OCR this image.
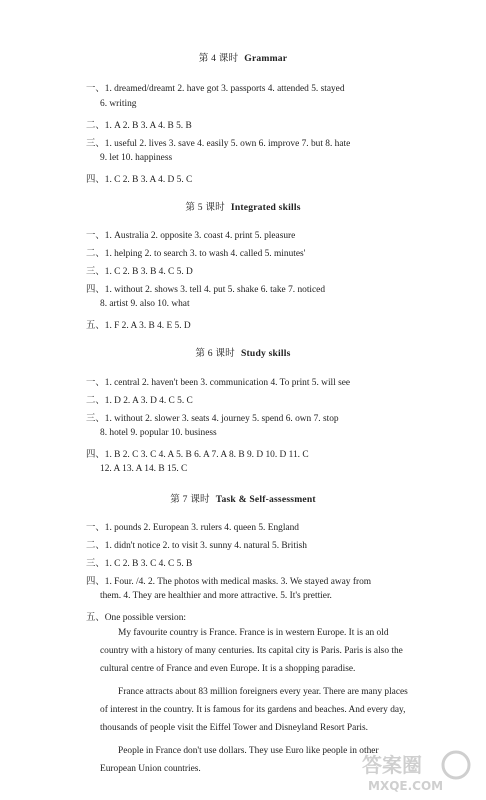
第 4 课时 Grammar
一、1. dreamed/dreamt 2. have got 3. passports 4. attended 5. stayed
6. writing
二、1. A 2. B 3. A 4. B 5. B
三、1. useful 2. lives 3. save 4. easily 5. own 6. improve 7. but 8. hate
9. let 10. happiness
四、1. C 2. B 3. A 4. D 5. C
第 5 课时 Integrated skills
一、1. Australia 2. opposite 3. coast 4. print 5. pleasure
二、1. helping 2. to search 3. to wash 4. called 5. minutes'
三、1. C 2. B 3. B 4. C 5. D
四、1. without 2. shows 3. tell 4. put 5. shake 6. take 7. noticed
8. artist 9. also 10. what
五、1. F 2. A 3. B 4. E 5. D
第 6 课时 Study skills
一、1. central 2. haven't been 3. communication 4. To print 5. will see
二、1. D 2. A 3. D 4. C 5. C
三、1. without 2. slower 3. seats 4. journey 5. spend 6. own 7. stop
8. hotel 9. popular 10. business
四、1. B 2. C 3. C 4. A 5. B 6. A 7. A 8. B 9. D 10. D 11. C
12. A 13. A 14. B 15. C
第 7 课时 Task & Self-assessment
一、1. pounds 2. European 3. rulers 4. queen 5. England
二、1. didn't notice 2. to visit 3. sunny 4. natural 5. British
三、1. C 2. B 3. C 4. C 5. B
四、1. Four. /4. 2. The photos with medical masks. 3. We stayed away from
them. 4. They are healthier and more attractive. 5. It's prettier.
五、One possible version:
My favourite country is France. France is in western Europe. It is an old
country with a history of many centuries. Its capital city is Paris. Paris is also the
cultural centre of France and even Europe. It is a shopping paradise.
France attracts about 83 million foreigners every year. There are many places
of interest in the country. It is famous for its gardens and beaches. And every day,
thousands of people visit the Eiffel Tower and Disneyland Resort Paris.
People in France don't use dollars. They use Euro like people in other
European Union countries.	答案圈
MXQE.COM
